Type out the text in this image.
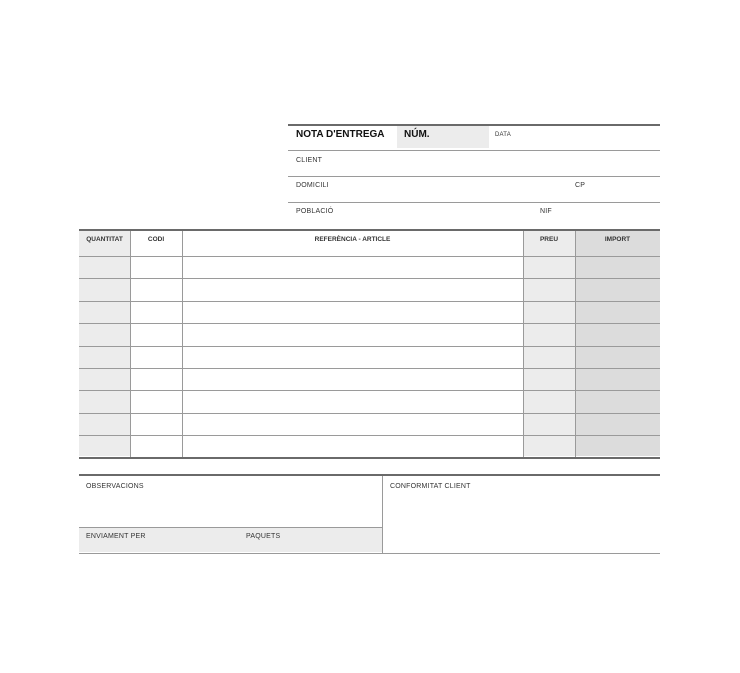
NOTA D'ENTREGA NÚM.	DATA
CLIENT
DOMICILI	CP
POBLACIÓ	NIF
QUANTITAT	CODI	REFERÈNCIA - ARTICLE	PREU	IMPORT
OBSERVACIONS	CONFORMITAT CLIENT
ENVIAMENT PER	PAQUETS
